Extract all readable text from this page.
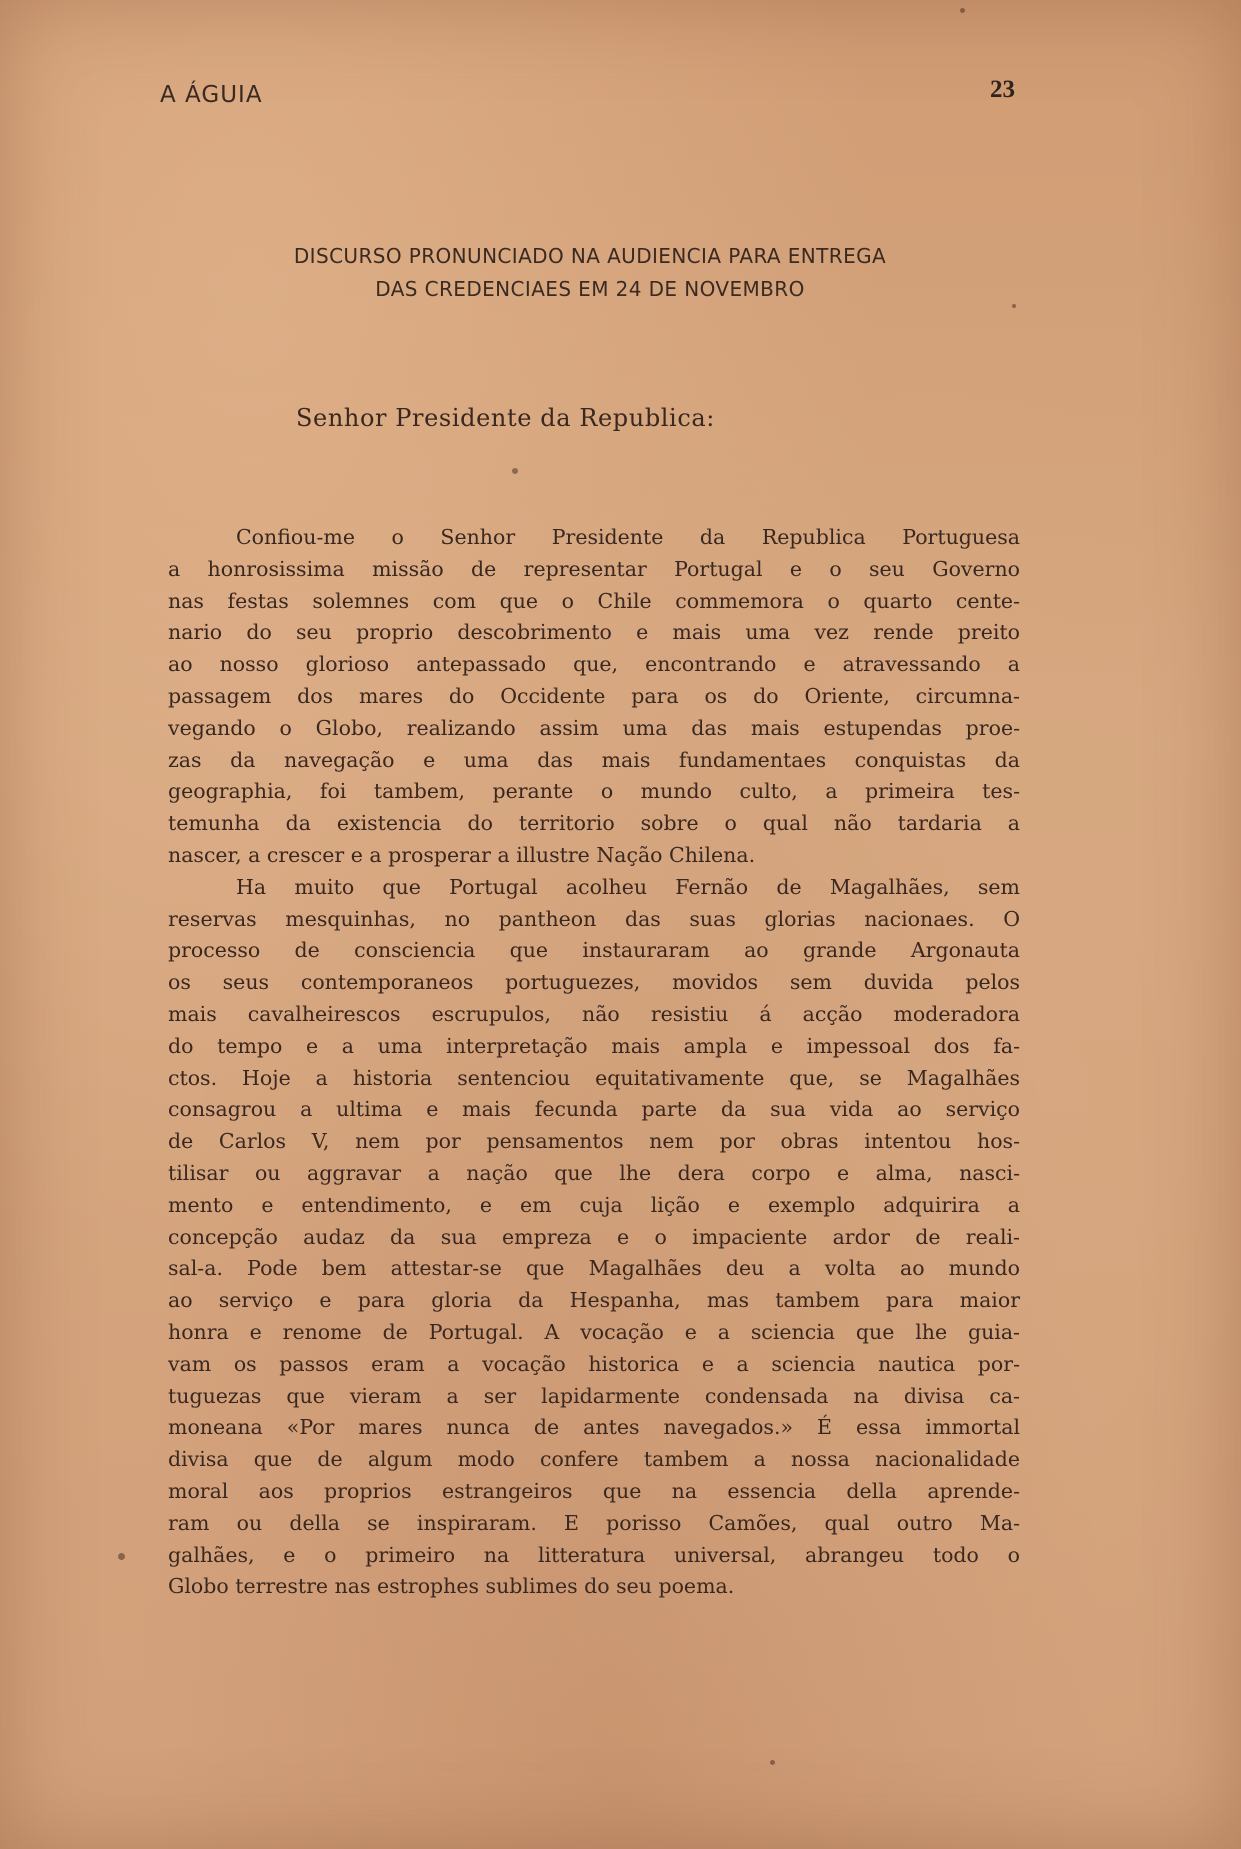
A ÁGUIA	23
DISCURSO PRONUNCIADO NA AUDIENCIA PARA ENTREGA
DAS CREDENCIAES EM 24 DE NOVEMBRO
Senhor Presidente da Republica:
Confiou-me o Senhor Presidente da Republica Portuguesa
a honrosissima missão de representar Portugal e o seu Governo
nas festas solemnes com que o Chile commemora o quarto cente-
nario do seu proprio descobrimento e mais uma vez rende preito
ao nosso glorioso antepassado que, encontrando e atravessando a
passagem dos mares do Occidente para os do Oriente, circumna-
vegando o Globo, realizando assim uma das mais estupendas proe-
zas da navegação e uma das mais fundamentaes conquistas da
geographia, foi tambem, perante o mundo culto, a primeira tes-
temunha da existencia do territorio sobre o qual não tardaria a
nascer, a crescer e a prosperar a illustre Nação Chilena.
Ha muito que Portugal acolheu Fernão de Magalhães, sem
reservas mesquinhas, no pantheon das suas glorias nacionaes. O
processo de consciencia que instauraram ao grande Argonauta
os seus contemporaneos portuguezes, movidos sem duvida pelos
mais cavalheirescos escrupulos, não resistiu á acção moderadora
do tempo e a uma interpretação mais ampla e impessoal dos fa-
ctos. Hoje a historia sentenciou equitativamente que, se Magalhães
consagrou a ultima e mais fecunda parte da sua vida ao serviço
de Carlos V, nem por pensamentos nem por obras intentou hos-
tilisar ou aggravar a nação que lhe dera corpo e alma, nasci-
mento e entendimento, e em cuja lição e exemplo adquirira a
concepção audaz da sua empreza e o impaciente ardor de reali-
sal-a. Pode bem attestar-se que Magalhães deu a volta ao mundo
ao serviço e para gloria da Hespanha, mas tambem para maior
honra e renome de Portugal. A vocação e a sciencia que lhe guia-
vam os passos eram a vocação historica e a sciencia nautica por-
tuguezas que vieram a ser lapidarmente condensada na divisa ca-
moneana «Por mares nunca de antes navegados.» É essa immortal
divisa que de algum modo confere tambem a nossa nacionalidade
moral aos proprios estrangeiros que na essencia della aprende-
ram ou della se inspiraram. E porisso Camões, qual outro Ma-
galhães, e o primeiro na litteratura universal, abrangeu todo o
Globo terrestre nas estrophes sublimes do seu poema.
